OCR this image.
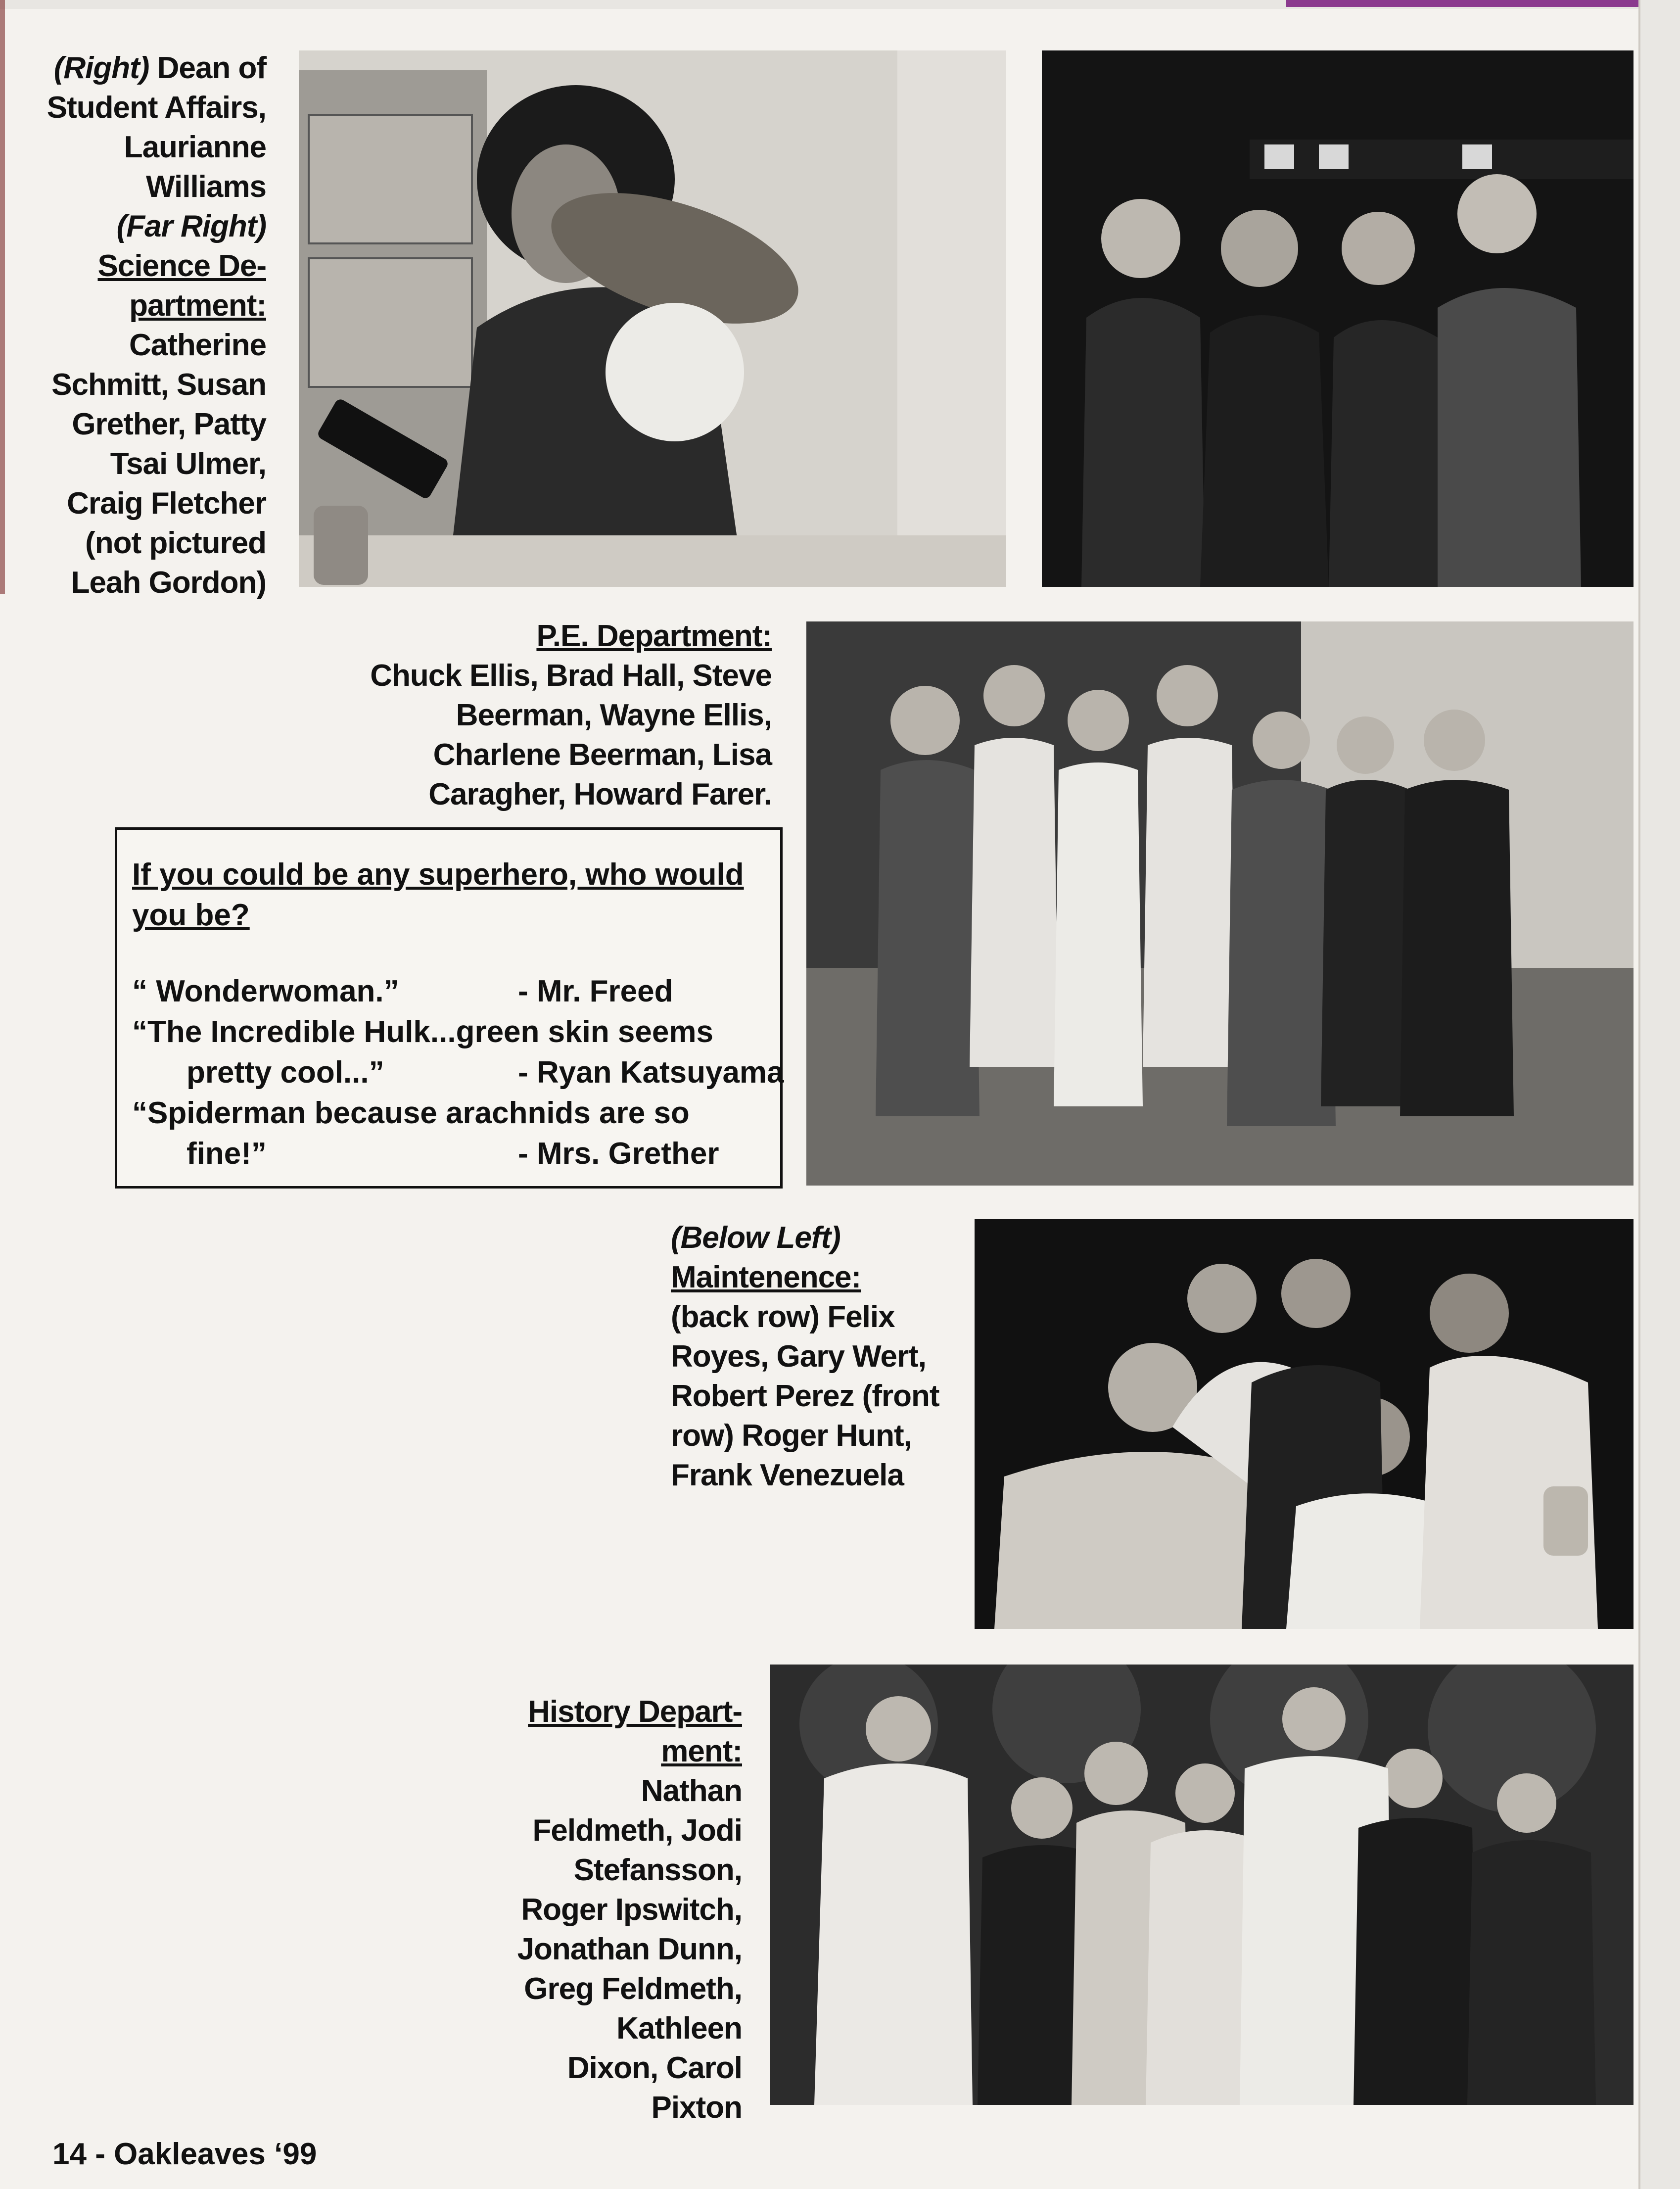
(Right) Dean of
Student Affairs,
Laurianne
Williams
(Far Right)
Science De-
partment:
Catherine
Schmitt, Susan
Grether, Patty
Tsai Ulmer,
Craig Fletcher
(not pictured
Leah Gordon)
P.E. Department:
Chuck Ellis, Brad Hall, Steve
Beerman, Wayne Ellis,
Charlene Beerman, Lisa
Caragher, Howard Farer.
If you could be any superhero, who would you be?
“ Wonderwoman.”	- Mr. Freed
“The Incredible Hulk...green skin seems
pretty cool...”	- Ryan Katsuyama
“Spiderman because arachnids are so
fine!”	- Mrs. Grether
(Below Left)
Maintenence:
(back row) Felix
Royes, Gary Wert,
Robert Perez (front
row) Roger Hunt,
Frank Venezuela
History Depart-
ment:
Nathan
Feldmeth, Jodi
Stefansson,
Roger Ipswitch,
Jonathan Dunn,
Greg Feldmeth,
Kathleen
Dixon, Carol
Pixton
14 - Oakleaves ‘99
